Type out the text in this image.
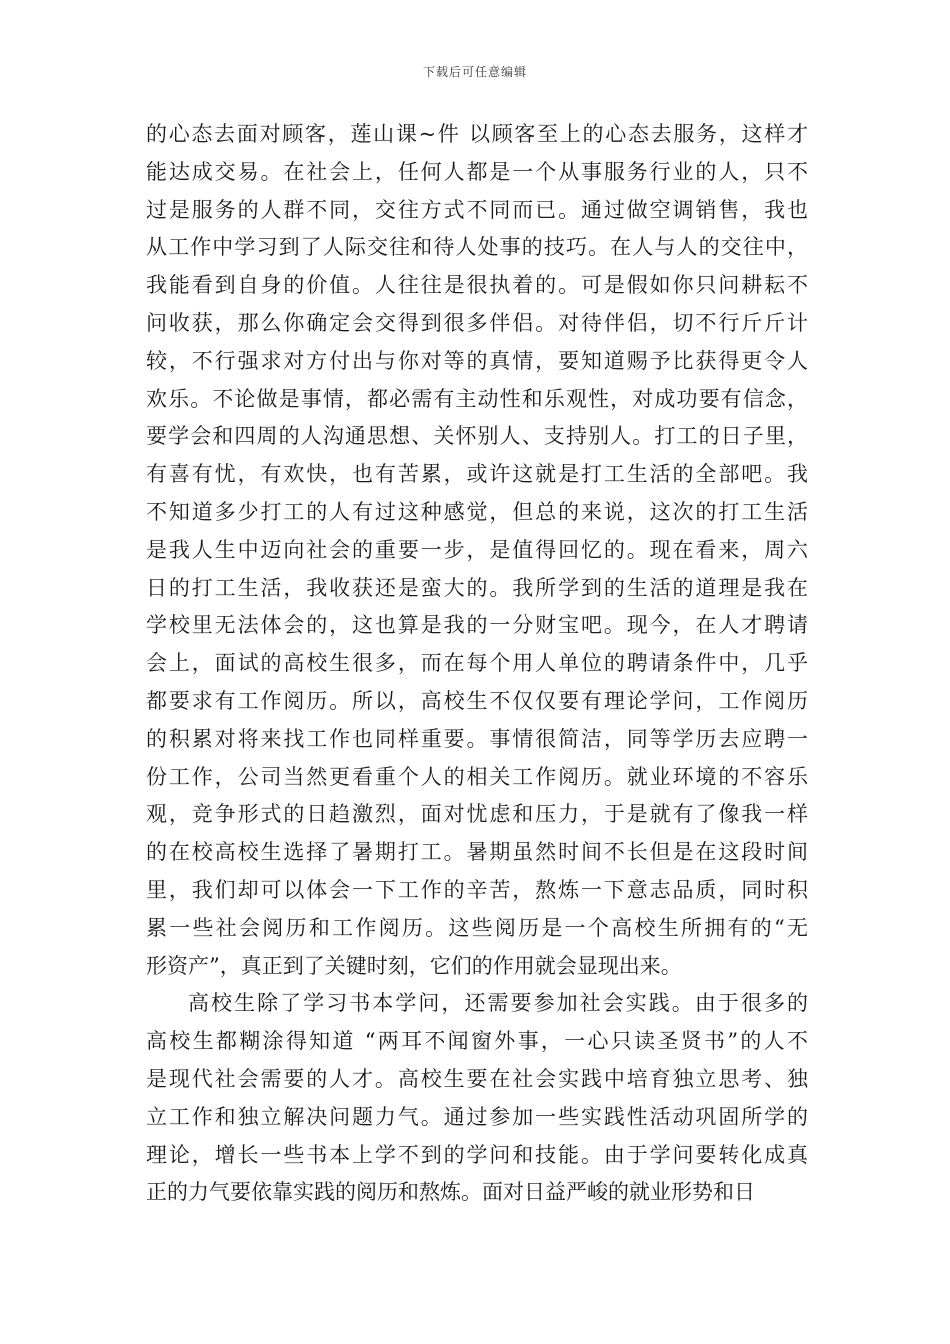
下载后可任意编辑
的心态去面对顾客，莲山课~件 以顾客至上的心态去服务，这样才
能达成交易。在社会上，任何人都是一个从事服务行业的人，只不
过是服务的人群不同，交往方式不同而已。通过做空调销售，我也
从工作中学习到了人际交往和待人处事的技巧。在人与人的交往中，
我能看到自身的价值。人往往是很执着的。可是假如你只问耕耘不
问收获，那么你确定会交得到很多伴侣。对待伴侣，切不行斤斤计
较，不行强求对方付出与你对等的真情，要知道赐予比获得更令人
欢乐。不论做是事情，都必需有主动性和乐观性，对成功要有信念，
要学会和四周的人沟通思想、关怀别人、支持别人。打工的日子里，
有喜有忧，有欢快，也有苦累，或许这就是打工生活的全部吧。我
不知道多少打工的人有过这种感觉，但总的来说，这次的打工生活
是我人生中迈向社会的重要一步，是值得回忆的。现在看来，周六
日的打工生活，我收获还是蛮大的。我所学到的生活的道理是我在
学校里无法体会的，这也算是我的一分财宝吧。现今，在人才聘请
会上，面试的高校生很多，而在每个用人单位的聘请条件中，几乎
都要求有工作阅历。所以，高校生不仅仅要有理论学问，工作阅历
的积累对将来找工作也同样重要。事情很简洁，同等学历去应聘一
份工作，公司当然更看重个人的相关工作阅历。就业环境的不容乐
观，竞争形式的日趋激烈，面对忧虑和压力，于是就有了像我一样
的在校高校生选择了暑期打工。暑期虽然时间不长但是在这段时间
里，我们却可以体会一下工作的辛苦，熬炼一下意志品质，同时积
累一些社会阅历和工作阅历。这些阅历是一个高校生所拥有的“无
形资产”，真正到了关键时刻，它们的作用就会显现出来。
高校生除了学习书本学问，还需要参加社会实践。由于很多的
高校生都糊涂得知道 “两耳不闻窗外事，一心只读圣贤书”的人不
是现代社会需要的人才。高校生要在社会实践中培育独立思考、独
立工作和独立解决问题力气。通过参加一些实践性活动巩固所学的
理论，增长一些书本上学不到的学问和技能。由于学问要转化成真
正的力气要依靠实践的阅历和熬炼。面对日益严峻的就业形势和日
